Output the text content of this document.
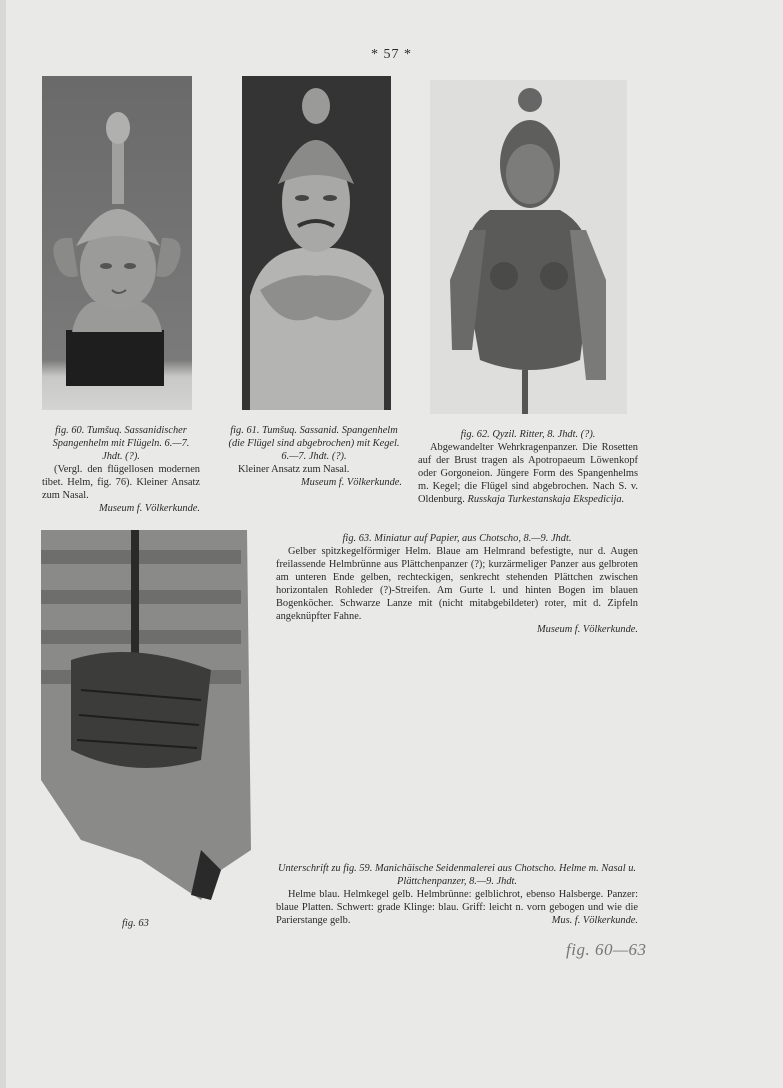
* 57 *

fig. 60. Tumšuq. Sassanidischer Spangenhelm mit Flügeln. 6.—7. Jhdt. (?).

(Vergl. den flügellosen modernen tibet. Helm, fig. 76). Kleiner Ansatz zum Nasal.

Museum f. Völkerkunde.

fig. 61. Tumšuq. Sassanid. Spangenhelm (die Flügel sind abgebrochen) mit Kegel. 6.—7. Jhdt. (?).

Kleiner Ansatz zum Nasal.

Museum f. Völkerkunde.

fig. 62. Qyzil. Ritter, 8. Jhdt. (?).

Abgewandelter Wehrkragenpanzer. Die Rosetten auf der Brust tragen als Apotropaeum Löwenkopf oder Gorgoneion. Jüngere Form des Spangenhelms m. Kegel; die Flügel sind abgebrochen. Nach S. v. Oldenburg. Russkaja Turkestanskaja Ekspedicija.

fig. 63. Miniatur auf Papier, aus Chotscho, 8.—9. Jhdt.

Gelber spitzkegelförmiger Helm. Blaue am Helmrand befestigte, nur d. Augen freilassende Helmbrünne aus Plättchenpanzer (?); kurzärmeliger Panzer aus gelbroten am unteren Ende gelben, rechteckigen, senkrecht stehenden Plättchen zwischen horizontalen Rohleder (?)-Streifen. Am Gurte l. und hinten Bogen im blauen Bogenköcher. Schwarze Lanze mit (nicht mitabgebildeter) roter, mit d. Zipfeln angeknüpfter Fahne.

Museum f. Völkerkunde.

Unterschrift zu fig. 59. Manichäische Seidenmalerei aus Chotscho. Helme m. Nasal u. Plättchenpanzer, 8.—9. Jhdt.

Helme blau. Helmkegel gelb. Helmbrünne: gelblichrot, ebenso Halsberge. Panzer: blaue Platten. Schwert: grade Klinge: blau. Griff: leicht n. vorn gebogen und wie die Parierstange gelb.	Mus. f. Völkerkunde.

fig. 63
fig. 60—63
